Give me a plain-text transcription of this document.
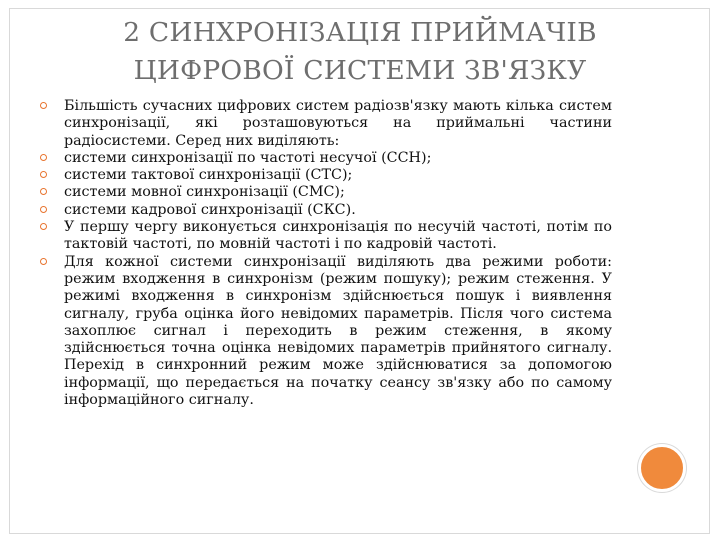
2 СИНХРОНІЗАЦІЯ ПРИЙМАЧІВ
ЦИФРОВОЇ СИСТЕМИ ЗВ'ЯЗКУ
Більшість сучасних цифрових систем радіозв'язку мають кілька систем синхронізації, які розташовуються на приймальні частини радіосистеми. Серед них виділяють:
системи синхронізації по частоті несучої (ССН);
системи тактової синхронізації (СТС);
системи мовної синхронізації (СМС);
системи кадрової синхронізації (СКС).
У першу чергу виконується синхронізація по несучій частоті, потім по тактовій частоті, по мовній частоті і по кадровій частоті.
Для кожної системи синхронізації виділяють два режими роботи: режим входження в синхронізм (режим пошуку); режим стеження. У режимі входження в синхронізм здійснюється пошук і виявлення сигналу, груба оцінка його невідомих параметрів. Після чого система захоплює сигнал і переходить в режим стеження, в якому здійснюється точна оцінка невідомих параметрів прийнятого сигналу. Перехід в синхронний режим може здійснюватися за допомогою інформації, що передається на початку сеансу зв'язку або по самому інформаційного сигналу.
